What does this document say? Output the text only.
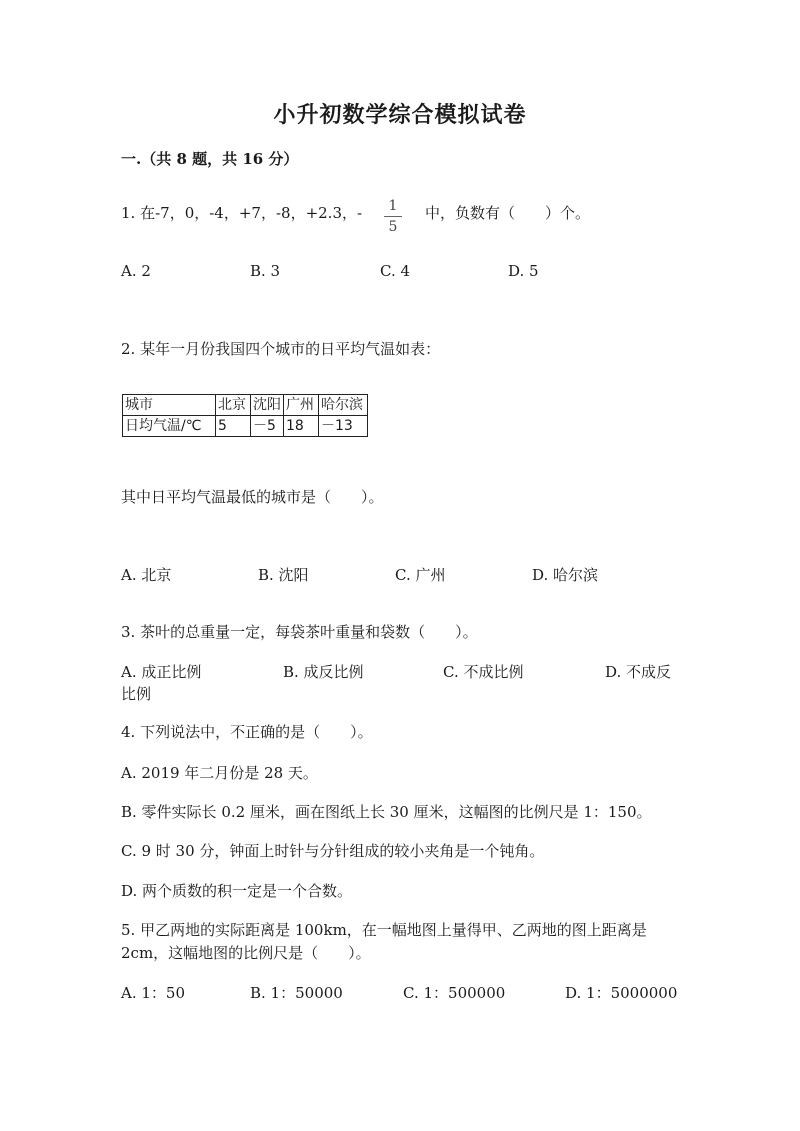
小升初数学综合模拟试卷
一.（共 8 题，共 16 分）
1. 在-7，0，-4，+7，-8，+2.3，-	1
5
中，负数有（　　）个。
A. 2	B. 3	C. 4	D. 5
2. 某年一月份我国四个城市的日平均气温如表：
城市	北京	沈阳	广州	哈尔滨
日均气温/℃	5	－5	18	－13
其中日平均气温最低的城市是（　　）。
A. 北京	B. 沈阳	C. 广州	D. 哈尔滨
3. 茶叶的总重量一定，每袋茶叶重量和袋数（　　）。
A. 成正比例	B. 成反比例	C. 不成比例	D. 不成反
比例
4. 下列说法中，不正确的是（　　）。
A. 2019 年二月份是 28 天。
B. 零件实际长 0.2 厘米，画在图纸上长 30 厘米，这幅图的比例尺是 1：150。
C. 9 时 30 分，钟面上时针与分针组成的较小夹角是一个钝角。
D. 两个质数的积一定是一个合数。
5. 甲乙两地的实际距离是 100km，在一幅地图上量得甲、乙两地的图上距离是
2cm，这幅地图的比例尺是（　　）。
A. 1：50	B. 1：50000	C. 1：500000	D. 1：5000000
